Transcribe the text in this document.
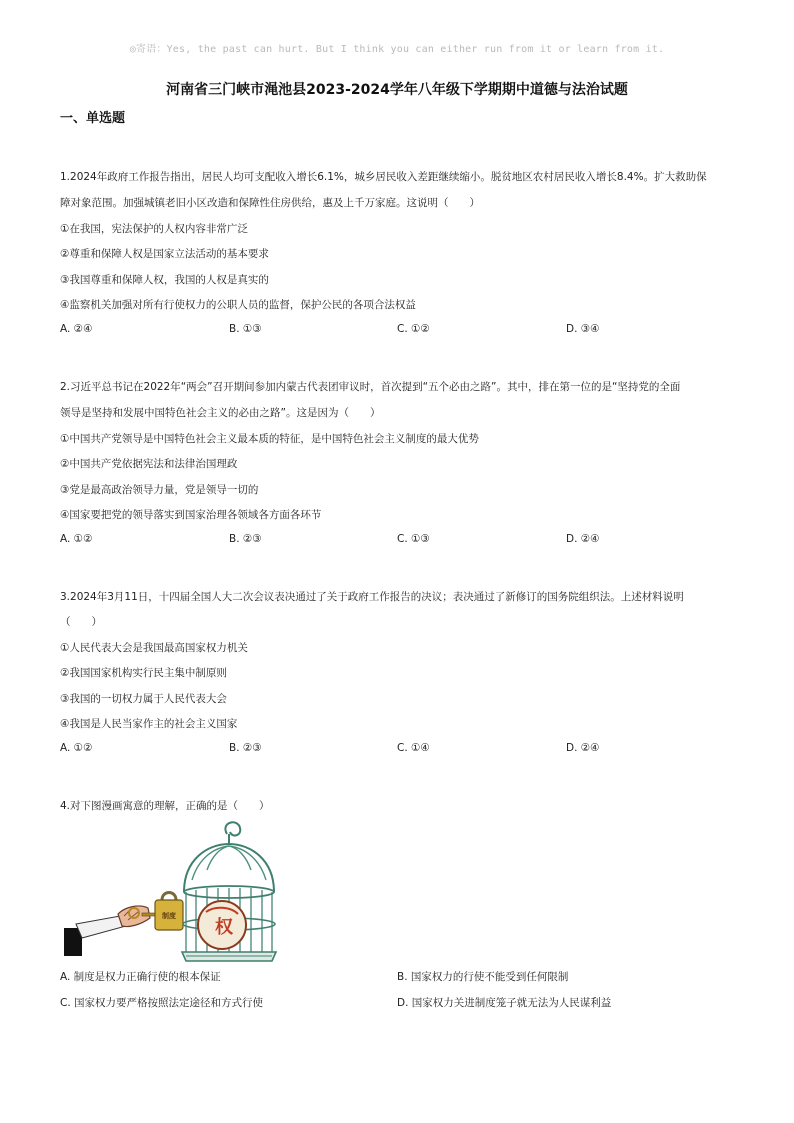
◎寄语：Yes, the past can hurt. But I think you can either run from it or learn from it.
河南省三门峡市渑池县2023-2024学年八年级下学期期中道德与法治试题
一、单选题
1.2024年政府工作报告指出，居民人均可支配收入增长6.1%，城乡居民收入差距继续缩小。脱贫地区农村居民收入增长8.4%。扩大救助保
障对象范围。加强城镇老旧小区改造和保障性住房供给，惠及上千万家庭。这说明（　　）
①在我国，宪法保护的人权内容非常广泛
②尊重和保障人权是国家立法活动的基本要求
③我国尊重和保障人权，我国的人权是真实的
④监察机关加强对所有行使权力的公职人员的监督，保护公民的各项合法权益
A. ②④	B. ①③	C. ①②	D. ③④
2.习近平总书记在2022年“两会”召开期间参加内蒙古代表团审议时，首次提到“五个必由之路”。其中，排在第一位的是“坚持党的全面
领导是坚持和发展中国特色社会主义的必由之路”。这是因为（　　）
①中国共产党领导是中国特色社会主义最本质的特征，是中国特色社会主义制度的最大优势
②中国共产党依据宪法和法律治国理政
③党是最高政治领导力量，党是领导一切的
④国家要把党的领导落实到国家治理各领域各方面各环节
A. ①②	B. ②③	C. ①③	D. ②④
3.2024年3月11日，十四届全国人大二次会议表决通过了关于政府工作报告的决议；表决通过了新修订的国务院组织法。上述材料说明
（　　）
①人民代表大会是我国最高国家权力机关
②我国国家机构实行民主集中制原则
③我国的一切权力属于人民代表大会
④我国是人民当家作主的社会主义国家
A. ①②	B. ②③	C. ①④	D. ②④
4.对下图漫画寓意的理解，正确的是（　　）
制度
权
A. 制度是权力正确行使的根本保证	B. 国家权力的行使不能受到任何限制
C. 国家权力要严格按照法定途径和方式行使	D. 国家权力关进制度笼子就无法为人民谋利益
